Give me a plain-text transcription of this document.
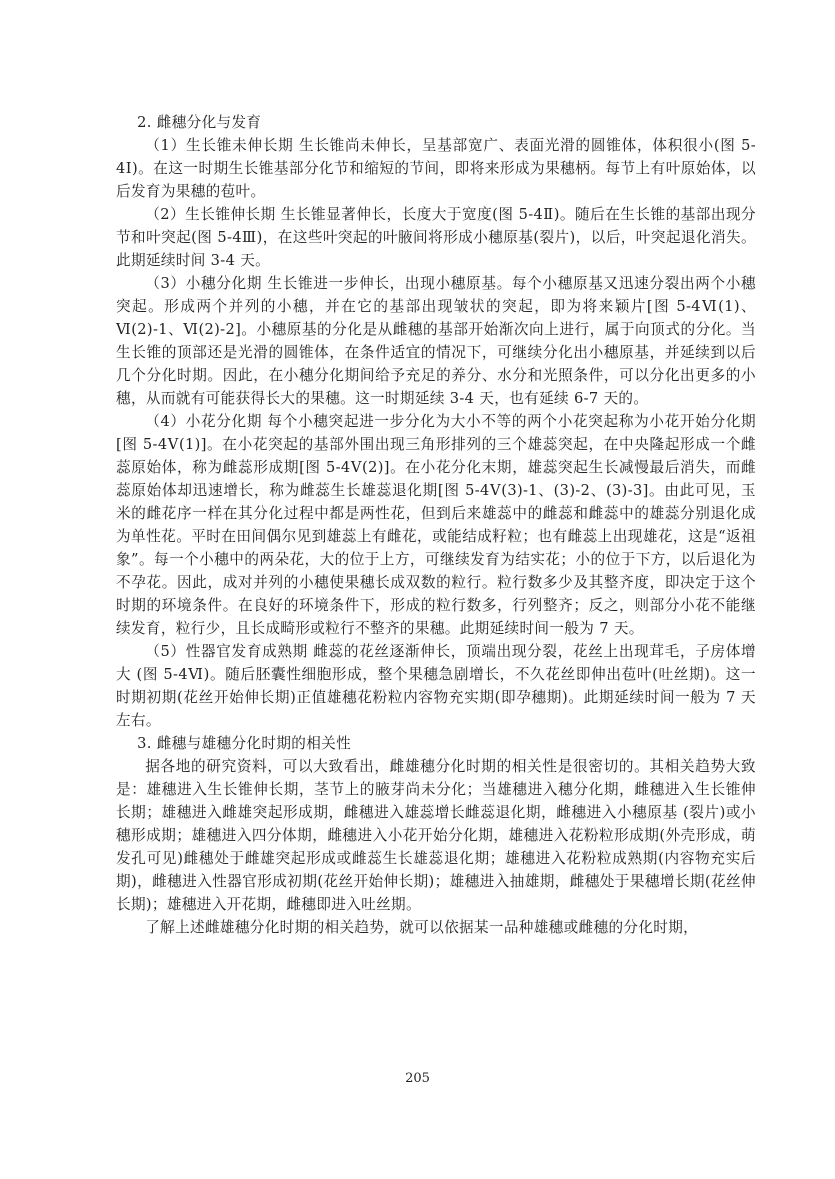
2. 雌穗分化与发育

（1）生长锥未伸长期 生长锥尚未伸长，呈基部宽广、表面光滑的圆锥体，体积很小(图 5-4Ⅰ)。在这一时期生长锥基部分化节和缩短的节间，即将来形成为果穗柄。每节上有叶原始体，以后发育为果穗的苞叶。

（2）生长锥伸长期 生长锥显著伸长，长度大于宽度(图 5-4Ⅱ)。随后在生长锥的基部出现分节和叶突起(图 5-4Ⅲ)，在这些叶突起的叶腋间将形成小穗原基(裂片)，以后，叶突起退化消失。此期延续时间 3-4 天。

（3）小穗分化期 生长锥进一步伸长，出现小穗原基。每个小穗原基又迅速分裂出两个小穗突起。形成两个并列的小穗，并在它的基部出现皱状的突起，即为将来颖片[图 5-4Ⅵ(1)、Ⅵ(2)-1、Ⅵ(2)-2]。小穗原基的分化是从雌穗的基部开始渐次向上进行，属于向顶式的分化。当生长锥的顶部还是光滑的圆锥体，在条件适宜的情况下，可继续分化出小穗原基，并延续到以后几个分化时期。因此，在小穗分化期间给予充足的养分、水分和光照条件，可以分化出更多的小穗，从而就有可能获得长大的果穗。这一时期延续 3-4 天，也有延续 6-7 天的。

（4）小花分化期 每个小穗突起进一步分化为大小不等的两个小花突起称为小花开始分化期[图 5-4Ⅴ(1)]。在小花突起的基部外围出现三角形排列的三个雄蕊突起，在中央隆起形成一个雌蕊原始体，称为雌蕊形成期[图 5-4Ⅴ(2)]。在小花分化末期，雄蕊突起生长减慢最后消失，而雌蕊原始体却迅速增长，称为雌蕊生长雄蕊退化期[图 5-4Ⅴ(3)-1、(3)-2、(3)-3]。由此可见，玉米的雌花序一样在其分化过程中都是两性花，但到后来雄蕊中的雌蕊和雌蕊中的雄蕊分别退化成为单性花。平时在田间偶尔见到雄蕊上有雌花，或能结成籽粒；也有雌蕊上出现雄花，这是“返祖象”。每一个小穗中的两朵花，大的位于上方，可继续发育为结实花；小的位于下方，以后退化为不孕花。因此，成对并列的小穗使果穗长成双数的粒行。粒行数多少及其整齐度，即决定于这个时期的环境条件。在良好的环境条件下，形成的粒行数多，行列整齐；反之，则部分小花不能继续发育，粒行少，且长成畸形或粒行不整齐的果穗。此期延续时间一般为 7 天。

（5）性器官发育成熟期 雌蕊的花丝逐渐伸长，顶端出现分裂，花丝上出现茸毛，子房体增大 (图 5-4Ⅵ)。随后胚囊性细胞形成，整个果穗急剧增长，不久花丝即伸出苞叶(吐丝期)。这一时期初期(花丝开始伸长期)正值雄穗花粉粒内容物充实期(即孕穗期)。此期延续时间一般为 7 天左右。

3. 雌穗与雄穗分化时期的相关性

据各地的研究资料，可以大致看出，雌雄穗分化时期的相关性是很密切的。其相关趋势大致是：雄穗进入生长锥伸长期，茎节上的腋芽尚未分化；当雄穗进入穗分化期，雌穗进入生长锥伸长期；雄穗进入雌雄突起形成期，雌穗进入雄蕊增长雌蕊退化期，雌穗进入小穗原基 (裂片)或小穗形成期；雄穗进入四分体期，雌穗进入小花开始分化期，雄穗进入花粉粒形成期(外壳形成，萌发孔可见)雌穗处于雌雄突起形成或雌蕊生长雄蕊退化期；雄穗进入花粉粒成熟期(内容物充实后期)，雌穗进入性器官形成初期(花丝开始伸长期)；雄穗进入抽雄期，雌穗处于果穗增长期(花丝伸长期)；雄穗进入开花期，雌穗即进入吐丝期。

了解上述雌雄穗分化时期的相关趋势，就可以依据某一品种雄穗或雌穗的分化时期，

205
